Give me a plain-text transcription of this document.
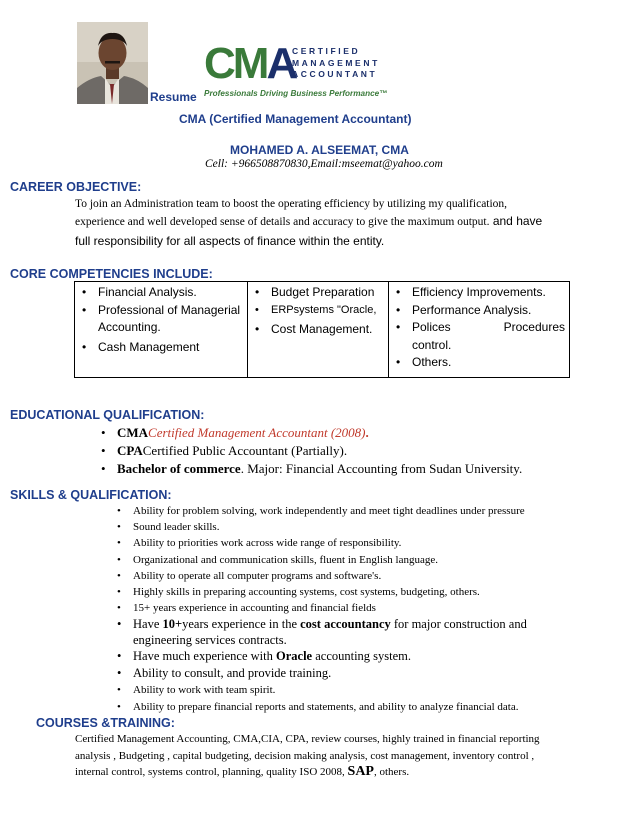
CMA
CERTIFIED
MANAGEMENT
ACCOUNTANT
Professionals Driving Business Performance™
Resume
CMA (Certified Management Accountant)
MOHAMED A. ALSEEMAT, CMA
Cell: +966508870830,Email:mseemat@yahoo.com
CAREER OBJECTIVE:
To join an Administration team to boost the operating efficiency by utilizing my qualification,
experience and well developed sense of details and accuracy to give the maximum output. and have
full responsibility for all aspects of finance within the entity.
CORE COMPETENCIES INCLUDE:
• Financial Analysis.
• Professional of Managerial Accounting.
• Cash Management

• Budget Preparation
• ERPsystems "Oracle,
• Cost Management.

• Efficiency Improvements.
• Performance Analysis.
• Polices	Procedures
control.
• Others.
EDUCATIONAL QUALIFICATION:
• CMACertified Management Accountant (2008).
• CPACertified Public Accountant (Partially).
• Bachelor of commerce. Major: Financial Accounting from Sudan University.
SKILLS & QUALIFICATION:
• Ability for problem solving, work independently and meet tight deadlines under pressure
• Sound leader skills.
• Ability to priorities work across wide range of responsibility.
• Organizational and communication skills, fluent in English language.
• Ability to operate all computer programs and software's.
• Highly skills in preparing accounting systems, cost systems, budgeting, others.
• 15+ years experience in accounting and financial fields
• Have 10+years experience in the cost accountancy for major construction and
engineering services contracts.
• Have much experience with Oracle accounting system.
• Ability to consult, and provide training.
• Ability to work with team spirit.
• Ability to prepare financial reports and statements, and ability to analyze financial data.
COURSES &TRAINING:
Certified Management Accounting, CMA,CIA, CPA, review courses, highly trained in financial reporting
analysis , Budgeting , capital budgeting, decision making analysis, cost management, inventory control ,
internal control, systems control, planning, quality ISO 2008, SAP, others.
